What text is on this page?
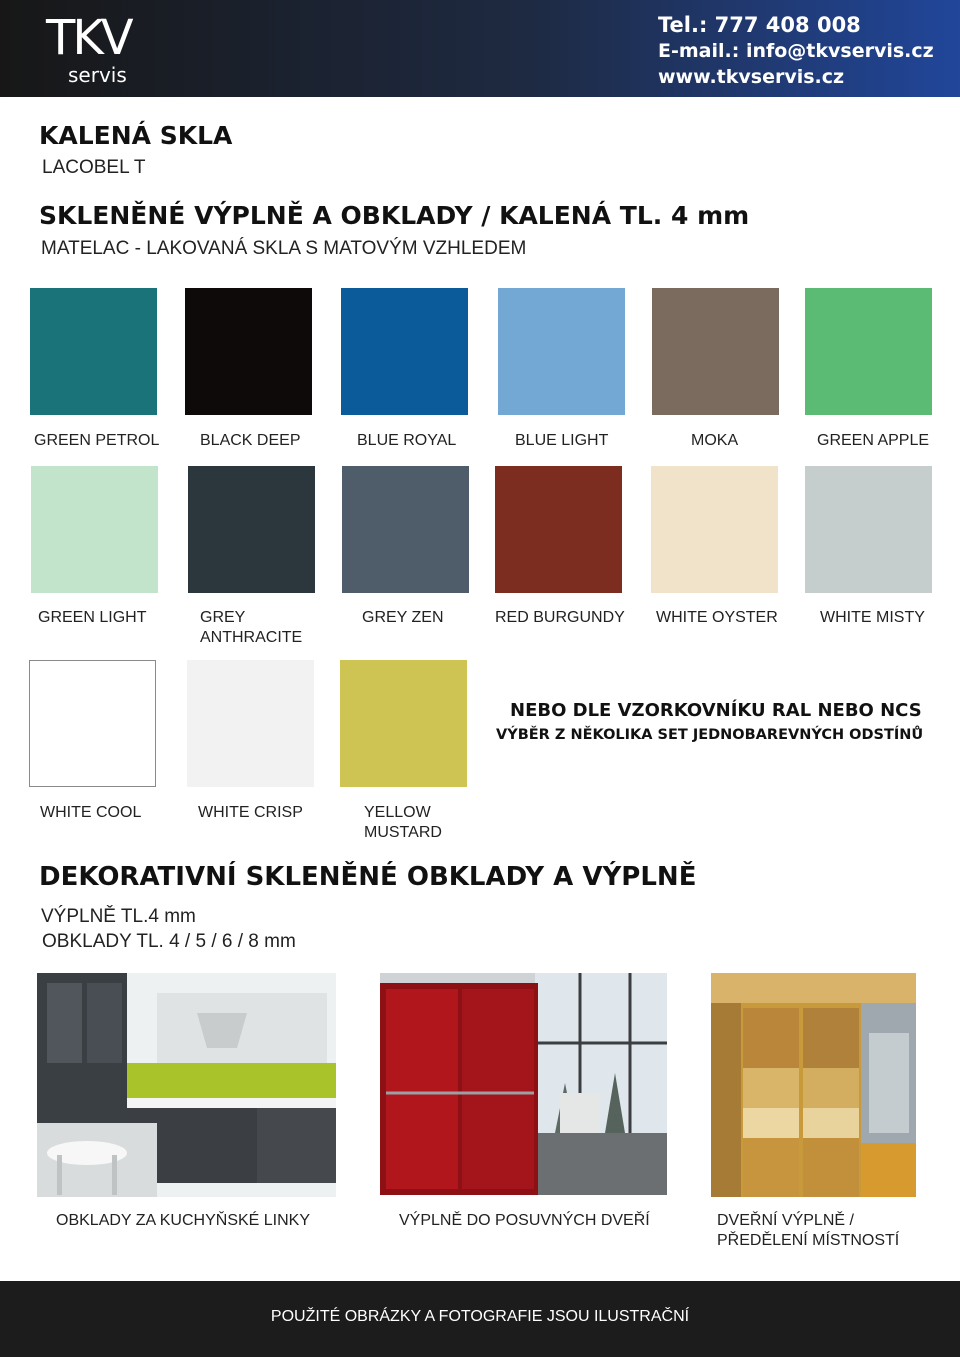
TKV
servis
Tel.: 777 408 008
E-mail.: info@tkvservis.cz
www.tkvservis.cz
KALENÁ SKLA
LACOBEL T
SKLENĚNÉ VÝPLNĚ A OBKLADY / KALENÁ TL. 4 mm
MATELAC - LAKOVANÁ SKLA S MATOVÝM VZHLEDEM
GREEN PETROL	BLACK DEEP	BLUE ROYAL	BLUE LIGHT	MOKA	GREEN APPLE
GREEN LIGHT	GREY ANTHRACITE
GREY ZEN	RED BURGUNDY	WHITE OYSTER	WHITE MISTY
WHITE COOL	WHITE CRISP	YELLOW MUSTARD
NEBO DLE VZORKOVNÍKU RAL NEBO NCS
VÝBĚR Z NĚKOLIKA SET JEDNOBAREVNÝCH ODSTÍNŮ
DEKORATIVNÍ SKLENĚNÉ OBKLADY A VÝPLNĚ
VÝPLNĚ TL.4 mm
OBKLADY TL. 4 / 5 / 6 / 8 mm
OBKLADY ZA KUCHYŇSKÉ LINKY	VÝPLNĚ DO POSUVNÝCH DVEŘÍ	DVEŘNÍ VÝPLNĚ / PŘEDĚLENÍ MÍSTNOSTÍ
POUŽITÉ OBRÁZKY A FOTOGRAFIE JSOU ILUSTRAČNÍ
